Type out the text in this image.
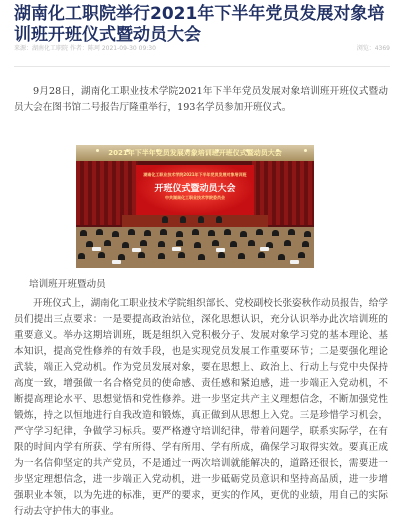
湖南化工职院举行2021年下半年党员发展对象培训班开班仪式暨动员大会
来源：湖南化工职院 作者：陈珂 2021-09-30 09:30	浏览：4369

9月28日，湖南化工职业技术学院2021年下半年党员发展对象培训班开班仪式暨动员大会在图书馆二号报告厅隆重举行，193名学员参加开班仪式。

2021年下半年党员发展对象培训班开班仪式暨动员大会
湖南化工职业技术学院2021年下半年党员发展对象培训班
开班仪式暨动员大会
中共湖南化工职业技术学院委员会
培训班开班暨动员

开班仪式上，湖南化工职业技术学院组织部长、党校副校长张姿秋作动员报告，给学员们提出三点要求：一是要提高政治站位，深化思想认识，充分认识举办此次培训班的重要意义。举办这期培训班，既是组织入党积极分子、发展对象学习党的基本理论、基本知识，提高党性修养的有效手段，也是实现党员发展工作重要环节；二是要强化理论武装，端正入党动机。作为党员发展对象，要在思想上、政治上、行动上与党中央保持高度一致，增强做一名合格党员的使命感、责任感和紧迫感，进一步端正入党动机，不断提高理论水平、思想觉悟和党性修养。进一步坚定共产主义理想信念，不断加强党性锻炼，持之以恒地进行自我改造和锻炼，真正做到从思想上入党。三是珍惜学习机会，严守学习纪律，争做学习标兵。要严格遵守培训纪律，带着问题学，联系实际学，在有限的时间内学有所获、学有所得、学有所用、学有所成，确保学习取得实效。要真正成为一名信仰坚定的共产党员，不是通过一两次培训就能解决的，道路还很长，需要进一步坚定理想信念，进一步端正入党动机，进一步砥砺党员意识和坚持高品质，进一步增强职业本领，以为先进的标准，更严的要求，更实的作风，更优的业绩，用自己的实际行动去守护伟大的事业。
